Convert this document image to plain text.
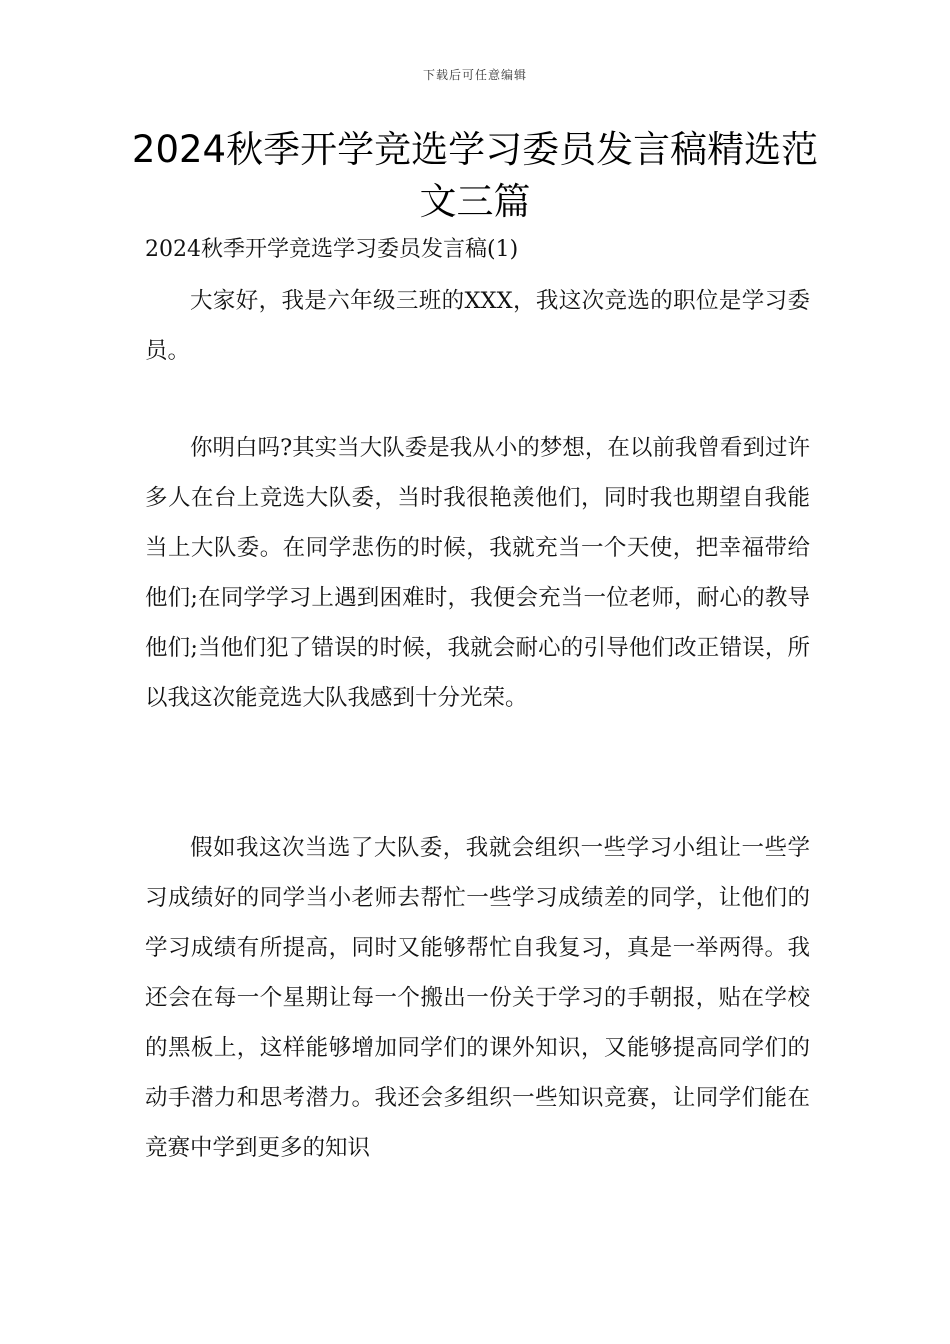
下载后可任意编辑
2024秋季开学竞选学习委员发言稿精选范文三篇
2024秋季开学竞选学习委员发言稿(1)

大家好，我是六年级三班的XXX，我这次竞选的职位是学习委员。

你明白吗?其实当大队委是我从小的梦想，在以前我曾看到过许多人在台上竞选大队委，当时我很艳羡他们，同时我也期望自我能当上大队委。在同学悲伤的时候，我就充当一个天使，把幸福带给他们;在同学学习上遇到困难时，我便会充当一位老师，耐心的教导他们;当他们犯了错误的时候，我就会耐心的引导他们改正错误，所以我这次能竞选大队我感到十分光荣。

假如我这次当选了大队委，我就会组织一些学习小组让一些学习成绩好的同学当小老师去帮忙一些学习成绩差的同学，让他们的学习成绩有所提高，同时又能够帮忙自我复习，真是一举两得。我还会在每一个星期让每一个搬出一份关于学习的手朝报，贴在学校的黑板上，这样能够增加同学们的课外知识，又能够提高同学们的动手潜力和思考潜力。我还会多组织一些知识竞赛，让同学们能在竞赛中学到更多的知识
